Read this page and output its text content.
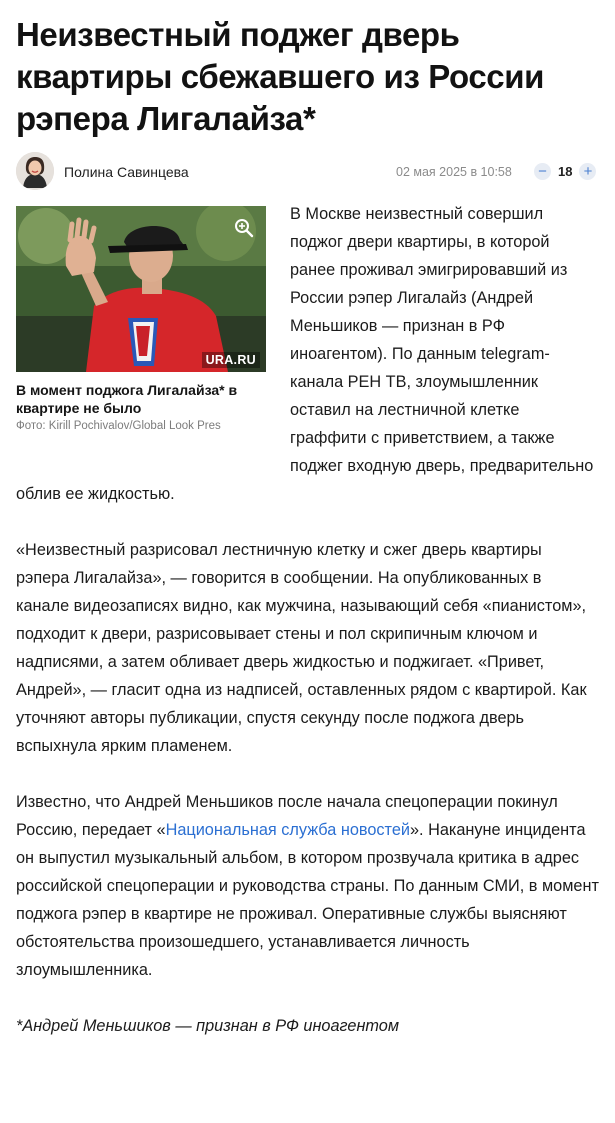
Неизвестный поджег дверь квартиры сбежавшего из России рэпера Лигалайза*
Полина Савинцева	02 мая 2025 в 10:58 − 18 +

В Москве неизвестный совершил поджог двери квартиры, в которой ранее проживал эмигрировавший из России рэпер Лигалайз (Андрей Меньшиков — признан в РФ иноагентом). По данным telegram-канала РЕН ТВ, злоумышленник оставил на лестничной клетке граффити с приветствием, а также поджег входную дверь, предварительно облив ее жидкостью.

«Неизвестный разрисовал лестничную клетку и сжег дверь квартиры рэпера Лигалайза», — говорится в сообщении. На опубликованных в канале видеозаписях видно, как мужчина, называющий себя «пианистом», подходит к двери, разрисовывает стены и пол скрипичным ключом и надписями, а затем обливает дверь жидкостью и поджигает. «Привет, Андрей», — гласит одна из надписей, оставленных рядом с квартирой. Как уточняют авторы публикации, спустя секунду после поджога дверь вспыхнула ярким пламенем.

Известно, что Андрей Меньшиков после начала спецоперации покинул Россию, передает «Национальная служба новостей». Накануне инцидента он выпустил музыкальный альбом, в котором прозвучала критика в адрес российской спецоперации и руководства страны. По данным СМИ, в момент поджога рэпер в квартире не проживал. Оперативные службы выясняют обстоятельства произошедшего, устанавливается личность злоумышленника.

*Андрей Меньшиков — признан в РФ иноагентом

URA.RU
В момент поджога Лигалайза* в квартире не было
Фото: Kirill Pochivalov/Global Look Pres
